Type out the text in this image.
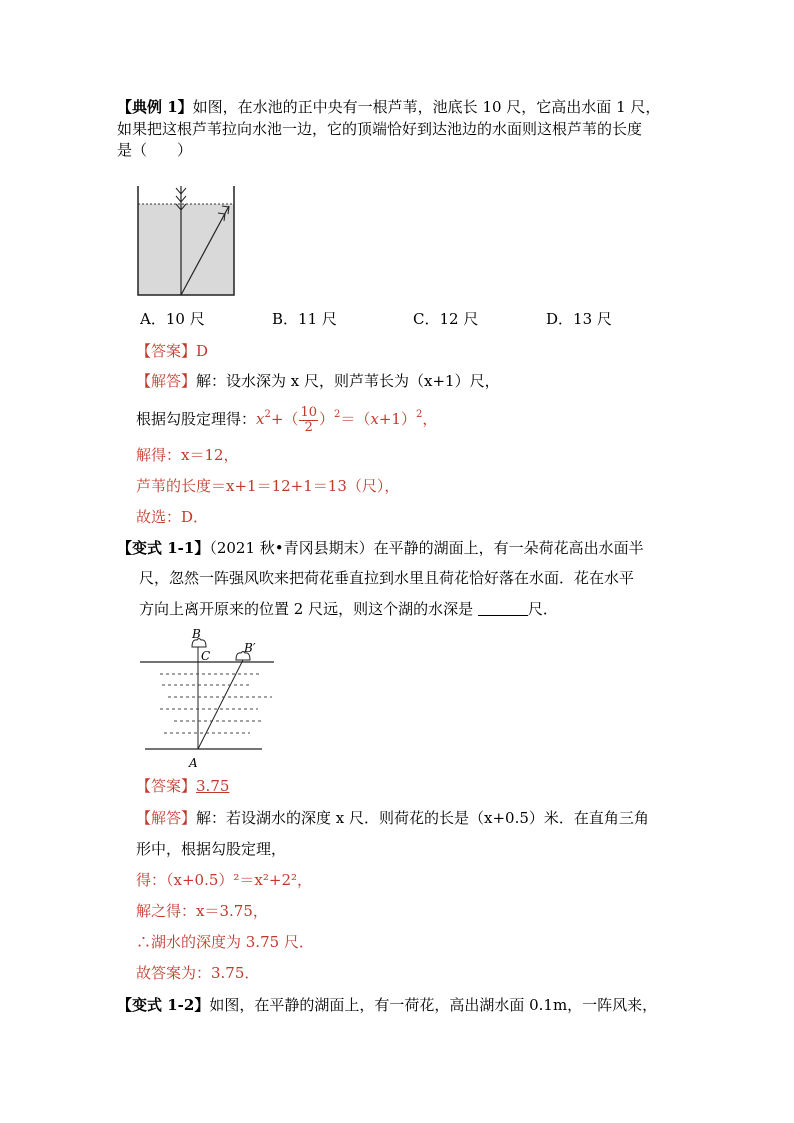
【典例 1】如图，在水池的正中央有一根芦苇，池底长 10 尺，它高出水面 1 尺，
如果把这根芦苇拉向水池一边，它的顶端恰好到达池边的水面则这根芦苇的长度
是（　　）
A．10 尺	B．11 尺	C．12 尺	D．13 尺
【答案】D
【解答】解：设水深为 x 尺，则芦苇长为（x+1）尺，
根据勾股定理得：$x^2+( \frac{10}{2} )^2=(x+1)^2$，
解得：x＝12，
芦苇的长度＝x+1＝12+1＝13（尺），
故选：D．
【变式 1-1】（2021 秋•青冈县期末）在平静的湖面上，有一朵荷花高出水面半
尺，忽然一阵强风吹来把荷花垂直拉到水里且荷花恰好落在水面．花在水平
方向上离开原来的位置 2 尺远，则这个湖的水深是	尺．
B
C
B′
A
【答案】3.75
【解答】解：若设湖水的深度 x 尺．则荷花的长是（x+0.5）米．在直角三角
形中，根据勾股定理，
得：（x+0.5）²＝x²+2²，
解之得：x＝3.75，
∴湖水的深度为 3.75 尺．
故答案为：3.75．
【变式 1-2】如图，在平静的湖面上，有一荷花，高出湖水面 0.1m，一阵风来，
